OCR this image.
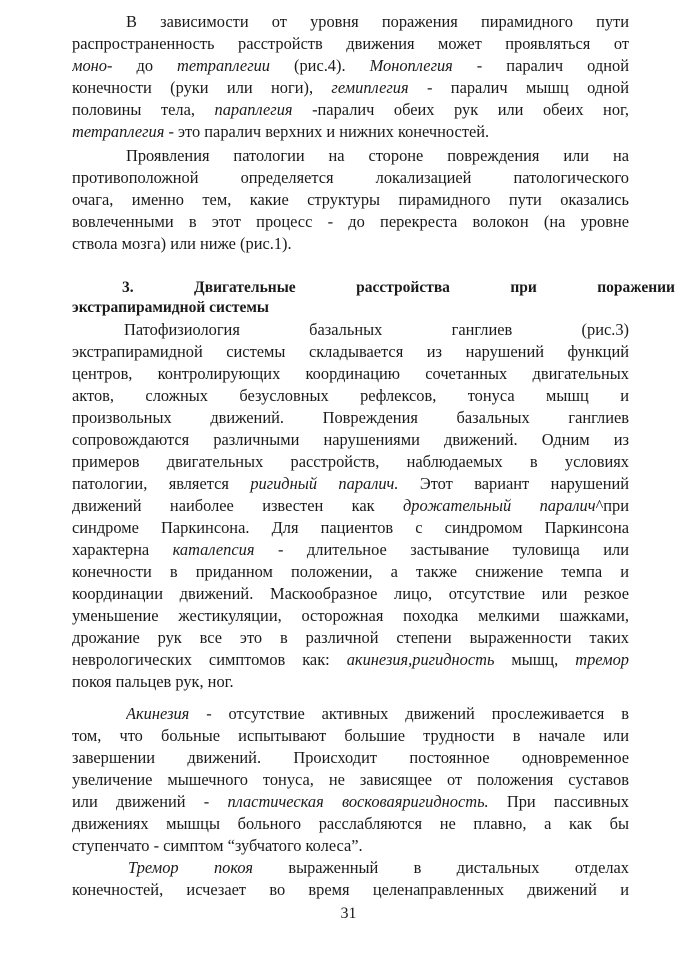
В зависимости от уровня поражения пирамидного пути
распространенность расстройств движения может проявляться от
моно- до тетраплегии (рис.4). Моноплегия - паралич одной
конечности (руки или ноги), гемиплегия - паралич мышц одной
половины тела, параплегия -паралич обеих рук или обеих ног,
тетраплегия - это паралич верхних и нижних конечностей.
Проявления патологии на стороне повреждения или на
противоположной определяется локализацией патологического
очага, именно тем, какие структуры пирамидного пути оказались
вовлеченными в этот процесс - до перекреста волокон (на уровне
ствола мозга) или ниже (рис.1).
3. Двигательные расстройства при поражении
экстрапирамидной системы
Патофизиология базальных ганглиев (рис.3)
экстрапирамидной системы складывается из нарушений функций
центров, контролирующих координацию сочетанных двигательных
актов, сложных безусловных рефлексов, тонуса мышц и
произвольных движений. Повреждения базальных ганглиев
сопровождаются различными нарушениями движений. Одним из
примеров двигательных расстройств, наблюдаемых в условиях
патологии, является ригидный паралич. Этот вариант нарушений
движений наиболее известен как дрожательный паралич^при
синдроме Паркинсона. Для пациентов с синдромом Паркинсона
характерна каталепсия - длительное застывание туловища или
конечности в приданном положении, а также снижение темпа и
координации движений. Маскообразное лицо, отсутствие или резкое
уменьшение жестикуляции, осторожная походка мелкими шажками,
дрожание рук все это в различной степени выраженности таких
неврологических симптомов как: акинезия,ригидность мышц, тремор
покоя пальцев рук, ног.
Акинезия - отсутствие активных движений прослеживается в
том, что больные испытывают большие трудности в начале или
завершении движений. Происходит постоянное одновременное
увеличение мышечного тонуса, не зависящее от положения суставов
или движений - пластическая восковаяригидность. При пассивных
движениях мышцы больного расслабляются не плавно, а как бы
ступенчато - симптом “зубчатого колеса”.
Тремор покоя выраженный в дистальных отделах
конечностей, исчезает во время целенаправленных движений и
31
